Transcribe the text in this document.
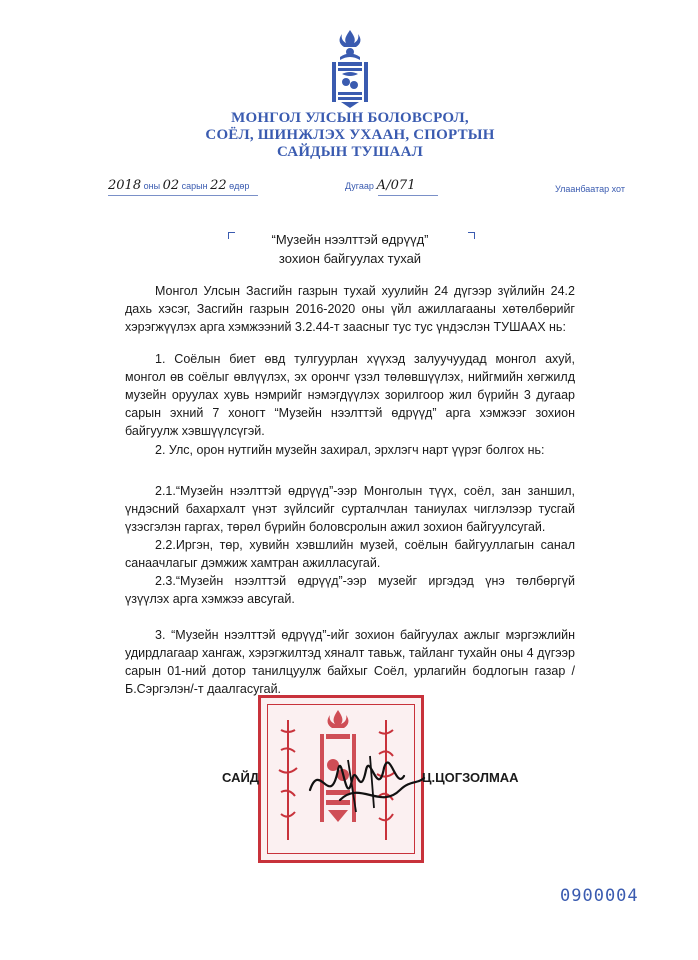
МОНГОЛ УЛСЫН БОЛОВСРОЛ,
СОЁЛ, ШИНЖЛЭХ УХААН, СПОРТЫН
САЙДЫН ТУШААЛ
2018 оны 02 сарын 22 өдөр	Дугаар А/071	Улаанбаатар хот
“Музейн нээлттэй өдрүүд”
зохион байгуулах тухай
Монгол Улсын Засгийн газрын тухай хуулийн 24 дүгээр зүйлийн 24.2 дахь хэсэг, Засгийн газрын 2016-2020 оны үйл ажиллагааны хөтөлбөрийг хэрэгжүүлэх арга хэмжээний 3.2.44-т заасныг тус тус үндэслэн ТУШААХ нь:
1. Соёлын биет өвд тулгуурлан хүүхэд залуучуудад монгол ахуй, монгол өв соёлыг өвлүүлэх, эх орончг үзэл төлөвшүүлэх, нийгмийн хөгжилд музейн оруулах хувь нэмрийг нэмэгдүүлэх зорилгоор жил бүрийн 3 дугаар сарын эхний 7 хоногт “Музейн нээлттэй өдрүүд” арга хэмжээг зохион байгуулж хэвшүүлсүгэй.
2. Улс, орон нутгийн музейн захирал, эрхлэгч нарт үүрэг болгох нь:
2.1.“Музейн нээлттэй өдрүүд”-ээр Монголын түүх, соёл, зан заншил, үндэсний бахархалт үнэт зүйлсийг сурталчлан таниулах чиглэлээр тусгай үзэсгэлэн гаргах, төрөл бүрийн боловсролын ажил зохион байгуулсугай.
2.2.Иргэн, төр, хувийн хэвшлийн музей, соёлын байгууллагын санал санаачлагыг дэмжиж хамтран ажилласугай.
2.3.“Музейн нээлттэй өдрүүд”-ээр музейг иргэдэд үнэ төлбөргүй үзүүлэх арга хэмжээ авсугай.
3. “Музейн нээлттэй өдрүүд”-ийг зохион байгуулах ажлыг мэргэжлийн удирдлагаар хангаж, хэрэгжилтэд хяналт тавьж, тайланг тухайн оны 4 дүгээр сарын 01-ний дотор танилцуулж байхыг Соёл, урлагийн бодлогын газар /Б.Сэргэлэн/-т даалгасугай.
САЙД	Ц.ЦОГЗОЛМАА
0900004
